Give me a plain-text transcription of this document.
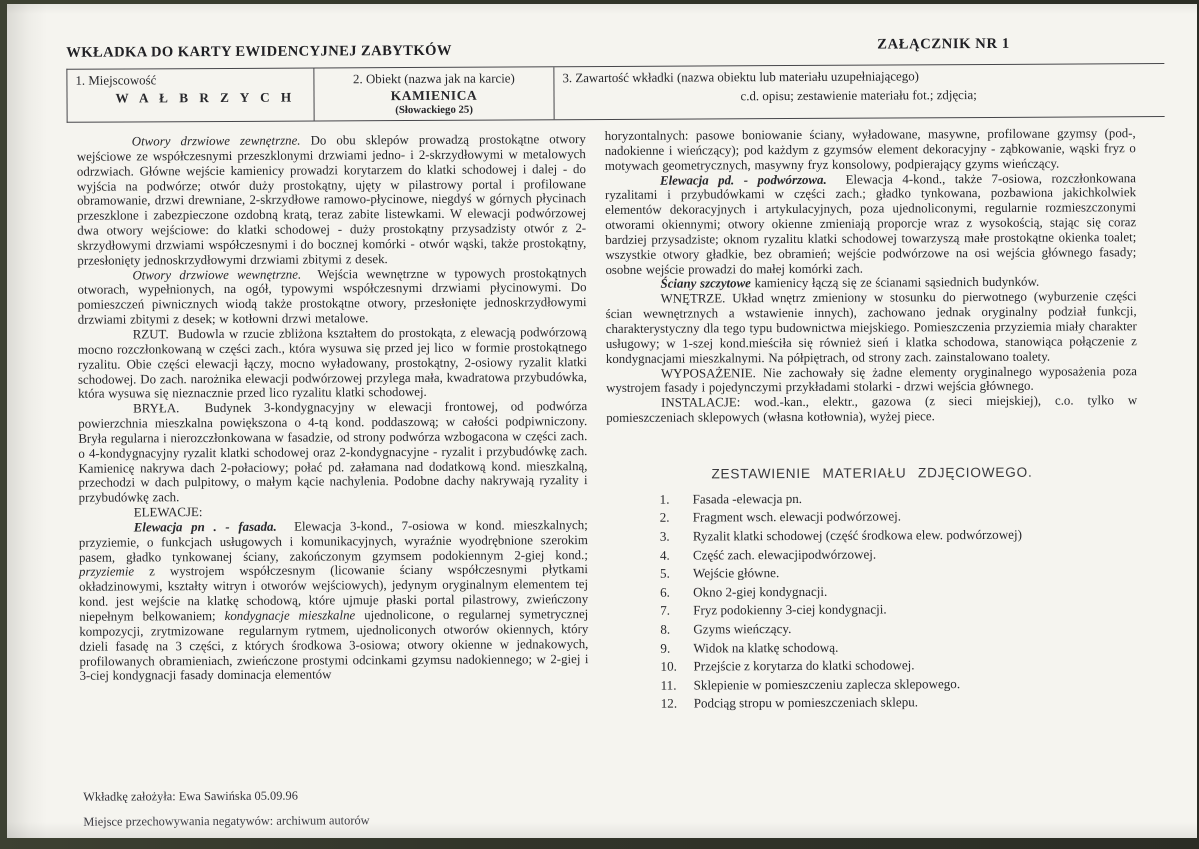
WKŁADKA DO KARTY EWIDENCYJNEJ ZABYTKÓW	ZAŁĄCZNIK NR 1
1. Miejscowość
W A Ł B R Z Y C H
2. Obiekt (nazwa jak na karcie)
KAMIENICA
(Słowackiego 25)
3. Zawartość wkładki (nazwa obiektu lub materiału uzupełniającego)
c.d. opisu; zestawienie materiału fot.; zdjęcia;

Otwory drzwiowe zewnętrzne. Do obu sklepów prowadzą prostokątne otwory wejściowe ze współczesnymi przeszklonymi drzwiami jedno- i 2-skrzydłowymi w metalowych odrzwiach. Główne wejście kamienicy prowadzi korytarzem do klatki schodowej i dalej - do wyjścia na podwórze; otwór duży prostokątny, ujęty w pilastrowy portal i profilowane obramowanie, drzwi drewniane, 2-skrzydłowe ramowo-płycinowe, niegdyś w górnych płycinach przeszklone i zabezpieczone ozdobną kratą, teraz zabite listewkami. W elewacji podwórzowej dwa otwory wejściowe: do klatki schodowej - duży prostokątny przysadzisty otwór z 2-skrzydłowymi drzwiami współczesnymi i do bocznej komórki - otwór wąski, także prostokątny, przesłonięty jednoskrzydłowymi drzwiami zbitymi z desek.

Otwory drzwiowe wewnętrzne.  Wejścia wewnętrzne w typowych prostokątnych otworach, wypełnionych, na ogół, typowymi współczesnymi drzwiami płycinowymi. Do pomieszczeń piwnicznych wiodą także prostokątne otwory, przesłonięte jednoskrzydłowymi drzwiami zbitymi z desek; w kotłowni drzwi metalowe.

RZUT.  Budowla w rzucie zbliżona kształtem do prostokąta, z elewacją podwórzową mocno rozczłonkowaną w części zach., która wysuwa się przed jej lico  w formie prostokątnego ryzalitu. Obie części elewacji łączy, mocno wyładowany, prostokątny, 2-osiowy ryzalit klatki schodowej. Do zach. narożnika elewacji podwórzowej przylega mała, kwadratowa przybudówka, która wysuwa się nieznacznie przed lico ryzalitu klatki schodowej.

BRYŁA.  Budynek 3-kondygnacyjny w elewacji frontowej, od podwórza powierzchnia mieszkalna powiększona o 4-tą kond. poddaszową; w całości podpiwniczony. Bryła regularna i nierozczłonkowana w fasadzie, od strony podwórza wzbogacona w części zach. o 4-kondygnacyjny ryzalit klatki schodowej oraz 2-kondygnacyjne - ryzalit i przybudówkę zach. Kamienicę nakrywa dach 2-połaciowy; połać pd. załamana nad dodatkową kond. mieszkalną, przechodzi w dach pulpitowy, o małym kącie nachylenia. Podobne dachy nakrywają ryzality i przybudówkę zach.

ELEWACJE:

Elewacja pn . - fasada.  Elewacja 3-kond., 7-osiowa w kond. mieszkalnych; przyziemie, o funkcjach usługowych i komunikacyjnych, wyraźnie wyodrębnione szerokim pasem, gładko tynkowanej ściany, zakończonym gzymsem podokiennym 2-giej kond.; przyziemie z wystrojem współczesnym (licowanie ściany współczesnymi płytkami okładzinowymi, kształty witryn i otworów wejściowych), jedynym oryginalnym elementem tej kond. jest wejście na klatkę schodową, które ujmuje płaski portal pilastrowy, zwieńczony niepełnym belkowaniem; kondygnacje mieszkalne ujednolicone, o regularnej symetrycznej kompozycji, zrytmizowane  regularnym rytmem, ujednoliconych otworów okiennych, który dzieli fasadę na 3 części, z których środkowa 3-osiowa; otwory okienne w jednakowych, profilowanych obramieniach, zwieńczone prostymi odcinkami gzymsu nadokiennego; w 2-giej i 3-ciej kondygnacji fasady dominacja elementów

horyzontalnych: pasowe boniowanie ściany, wyładowane, masywne, profilowane gzymsy (pod-, nadokienne i wieńczący); pod każdym z gzymsów element dekoracyjny - ząbkowanie, wąski fryz o motywach geometrycznych, masywny fryz konsolowy, podpierający gzyms wieńczący.

Elewacja pd. - podwórzowa.  Elewacja 4-kond., także 7-osiowa, rozczłonkowana ryzalitami i przybudówkami w części zach.; gładko tynkowana, pozbawiona jakichkolwiek elementów dekoracyjnych i artykulacyjnych, poza ujednoliconymi, regularnie rozmieszczonymi otworami okiennymi; otwory okienne zmieniają proporcje wraz z wysokością, stając się coraz bardziej przysadziste; oknom ryzalitu klatki schodowej towarzyszą małe prostokątne okienka toalet; wszystkie otwory gładkie, bez obramień; wejście podwórzowe na osi wejścia głównego fasady; osobne wejście prowadzi do małej komórki zach.

Ściany szczytowe kamienicy łączą się ze ścianami sąsiednich budynków.

WNĘTRZE. Układ wnętrz zmieniony w stosunku do pierwotnego (wyburzenie części ścian wewnętrznych a wstawienie innych), zachowano jednak oryginalny podział funkcji, charakterystyczny dla tego typu budownictwa miejskiego. Pomieszczenia przyziemia miały charakter usługowy; w 1-szej kond.mieściła się również sień i klatka schodowa, stanowiąca połączenie z kondygnacjami mieszkalnymi. Na półpiętrach, od strony zach. zainstalowano toalety.

WYPOSAŻENIE. Nie zachowały się żadne elementy oryginalnego wyposażenia poza wystrojem fasady i pojedynczymi przykładami stolarki - drzwi wejścia głównego.

INSTALACJE: wod.-kan., elektr., gazowa (z sieci miejskiej), c.o. tylko w pomieszczeniach sklepowych (własna kotłownia), wyżej piece.

ZESTAWIENIE MATERIAŁU ZDJĘCIOWEGO.
1.	Fasada -elewacja pn.
2.	Fragment wsch. elewacji podwórzowej.
3.	Ryzalit klatki schodowej (część środkowa elew. podwórzowej)
4.	Część zach. elewacjipodwórzowej.
5.	Wejście główne.
6.	Okno 2-giej kondygnacji.
7.	Fryz podokienny 3-ciej kondygnacji.
8.	Gzyms wieńczący.
9.	Widok na klatkę schodową.
10.	Przejście z korytarza do klatki schodowej.
11.	Sklepienie w pomieszczeniu zaplecza sklepowego.
12.	Podciąg stropu w pomieszczeniach sklepu.
Wkładkę założyła: Ewa Sawińska 05.09.96
Miejsce przechowywania negatywów: archiwum autorów
